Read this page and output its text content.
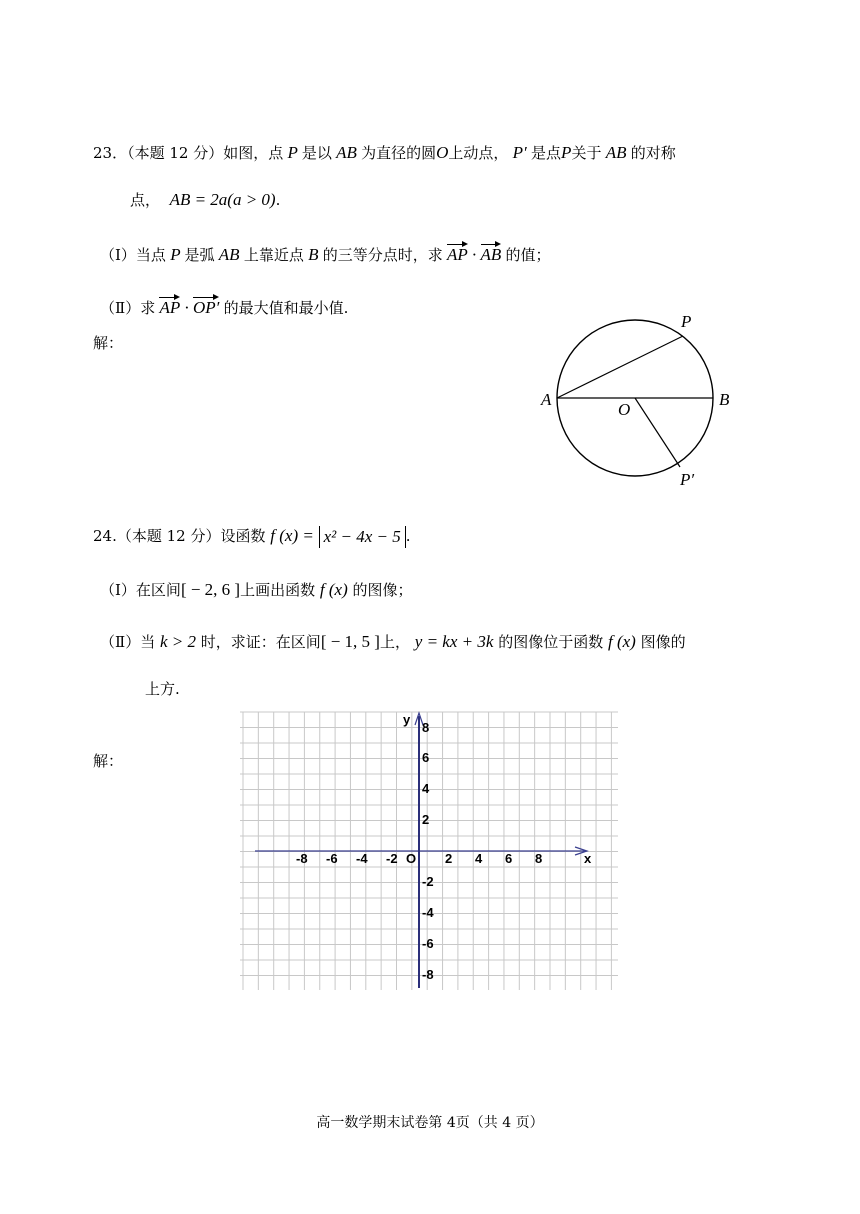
23．（本题 12 分）如图，点 P 是以 AB 为直径的圆O上动点， P′ 是点P关于 AB 的对称
点， AB = 2a(a > 0).
（Ⅰ）当点 P 是弧 AB 上靠近点 B 的三等分点时，求 AP · AB 的值；
（Ⅱ）求 AP · OP′ 的最大值和最小值.
解：
P
A	B
O
P′
24.（本题 12 分）设函数 f (x) = x² − 4x − 5 .
（Ⅰ）在区间[ − 2, 6 ]上画出函数 f (x) 的图像；
（Ⅱ）当 k > 2 时，求证：在区间[ − 1, 5 ]上， y = kx + 3k 的图像位于函数 f (x) 图像的
上方.
解：
x
y
O
-8 -6 -4 -2	2 4 6 8
8
6
4
2
-2
-4
-6
-8
高一数学期末试卷第 4页（共 4 页）
